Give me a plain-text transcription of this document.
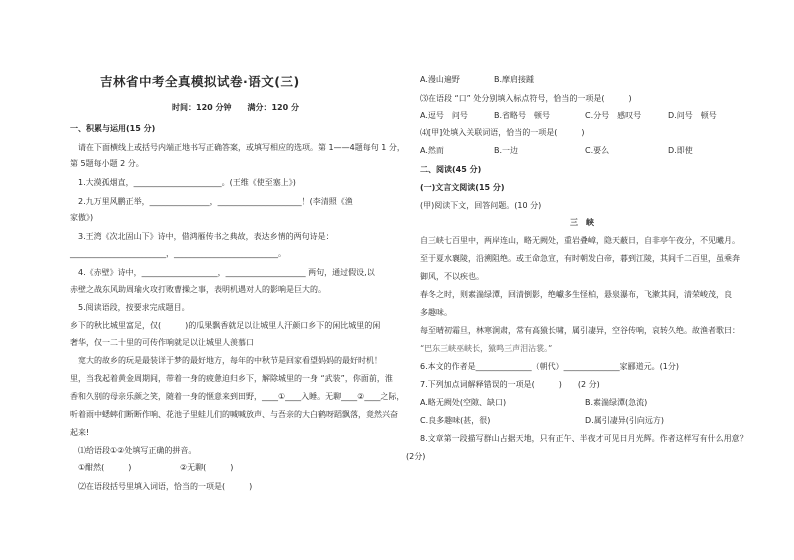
吉林省中考全真模拟试卷·语文(三)
时间：120 分钟　　满分：120 分
一、积累与运用(15 分)
请在下面横线上或括号内端正地书写正确答案，或填写相应的选项。第 1——4题每句 1 分，
第 5题每小题 2 分。
1.大漠孤烟直，______________________。(王维《使至塞上》)
2.九万里风鹏正举，_______________，_____________________！(李清照《渔
家傲》)
3.王湾《次北固山下》诗中，借鸿雁传书之典故，表达乡情的两句诗是：
________________________，__________________________。
4.《赤壁》诗中，___________________，____________________ 两句，通过假设,以
赤壁之战东风助周瑜火攻打败曹操之事，表明机遇对人的影响是巨大的。
5.阅读语段，按要求完成题目。
乡下的秋比城里富足，仅(　　　)的瓜果飘香就足以让城里人汗颜口乡下的闲比城里的闲
奢华，仅一二十里的可传作响就足以让城里人羡慕口
宽大的故乡的玩是最装详于梦的最好地方，每年的中秋节是回家看望妈妈的最好时机！
里，当我起着黄金周期间，带着一身的疲惫迫归乡下，解除城里的一身 “武装”，你面前，淮
香和久别的母亲乐颜之笑，随着一身的惬意来到田野，____①____入睡。无聊____②____之际，
听着雨中蟋蟀们断断作响、花池子里蛙儿们的喊喊放声、与吾亲的大白鹤呀蹈飘落，竟然兴奋
起来!
⑴给语段①②处填写正确的拼音。
①酣然(　　　)	②无聊(　　　)
⑵在语段括号里填入词语，恰当的一项是(　　　)
A.漫山遍野	B.摩肩接踵
⑶在语段 “口” 处分别填入标点符号，恰当的一项是(　　　)
A.逗号　问号	B.省略号　顿号	C.分号　感叹号	D.问号　顿号
⑷[甲]处填入关联词语，恰当的一项是(　　　)
A.然而	B.一边	C.要么	D.即使
二、阅读(45 分)
(一)文言文阅读(15 分)
(甲)阅读下文，回答问题。(10 分)
三　峡
自三峡七百里中，两岸连山，略无阙处，重岩叠嶂，隐天蔽日，自非亭午夜分，不见曦月。
至于夏水襄陵，沿溯阻绝。或王命急宣，有时朝发白帝，暮到江陵，其间千二百里，虽乘奔
御风，不以疾也。
春冬之时，则素湍绿潭，回清倒影，绝巘多生怪柏，悬泉瀑布，飞漱其间，清荣峻茂，良
多趣味。
每至晴初霜旦，林寒涧肃，常有高猿长啸，属引凄异，空谷传响，哀转久绝。故渔者歌曰：
“巴东三峡巫峡长，猿鸣三声泪沾裳。”
6.本文的作者是______________（朝代）______________家郦道元。(1分)
7.下列加点词解释错误的一项是(　　　)　　(2 分)
A.略无阙处(空隙、缺口)	B.素湍绿潭(急流)
C.良多趣味(甚，很)	D.属引凄异(引向远方)
8.文章第一段描写群山占据天地，只有正午、半夜才可见日月光辉。作者这样写有什么用意？
(2分)
